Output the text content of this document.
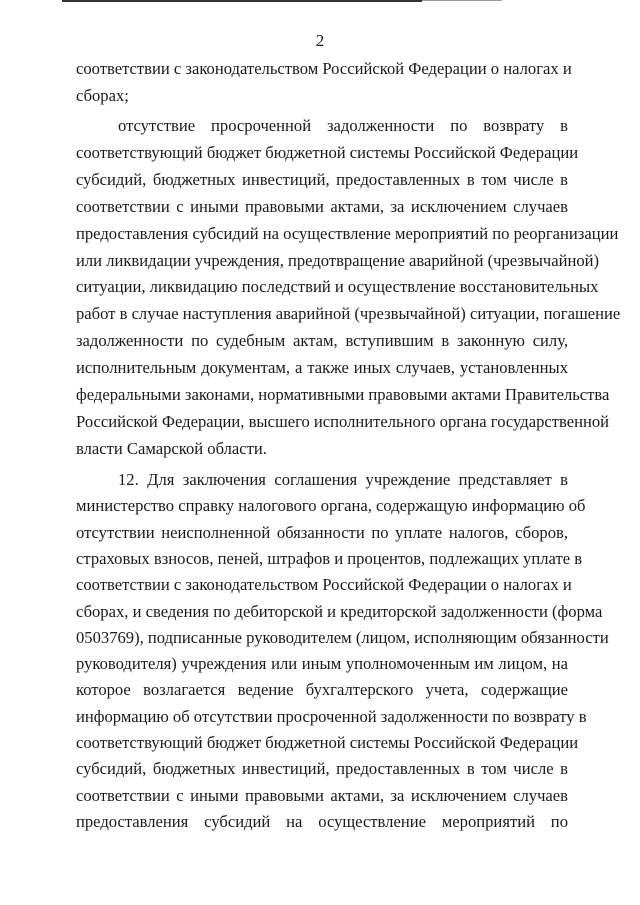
2
соответствии с законодательством Российской Федерации о налогах и
сборах;
отсутствие просроченной задолженности по возврату в
соответствующий бюджет бюджетной системы Российской Федерации
субсидий, бюджетных инвестиций, предоставленных в том числе в
соответствии с иными правовыми актами, за исключением случаев
предоставления субсидий на осуществление мероприятий по реорганизации
или ликвидации учреждения, предотвращение аварийной (чрезвычайной)
ситуации, ликвидацию последствий и осуществление восстановительных
работ в случае наступления аварийной (чрезвычайной) ситуации, погашение
задолженности по судебным актам, вступившим в законную силу,
исполнительным документам, а также иных случаев, установленных
федеральными законами, нормативными правовыми актами Правительства
Российской Федерации, высшего исполнительного органа государственной
власти Самарской области.
12. Для заключения соглашения учреждение представляет в
министерство справку налогового органа, содержащую информацию об
отсутствии неисполненной обязанности по уплате налогов, сборов,
страховых взносов, пеней, штрафов и процентов, подлежащих уплате в
соответствии с законодательством Российской Федерации о налогах и
сборах, и сведения по дебиторской и кредиторской задолженности (форма
0503769), подписанные руководителем (лицом, исполняющим обязанности
руководителя) учреждения или иным уполномоченным им лицом, на
которое возлагается ведение бухгалтерского учета, содержащие
информацию об отсутствии просроченной задолженности по возврату в
соответствующий бюджет бюджетной системы Российской Федерации
субсидий, бюджетных инвестиций, предоставленных в том числе в
соответствии с иными правовыми актами, за исключением случаев
предоставления субсидий на осуществление мероприятий по
